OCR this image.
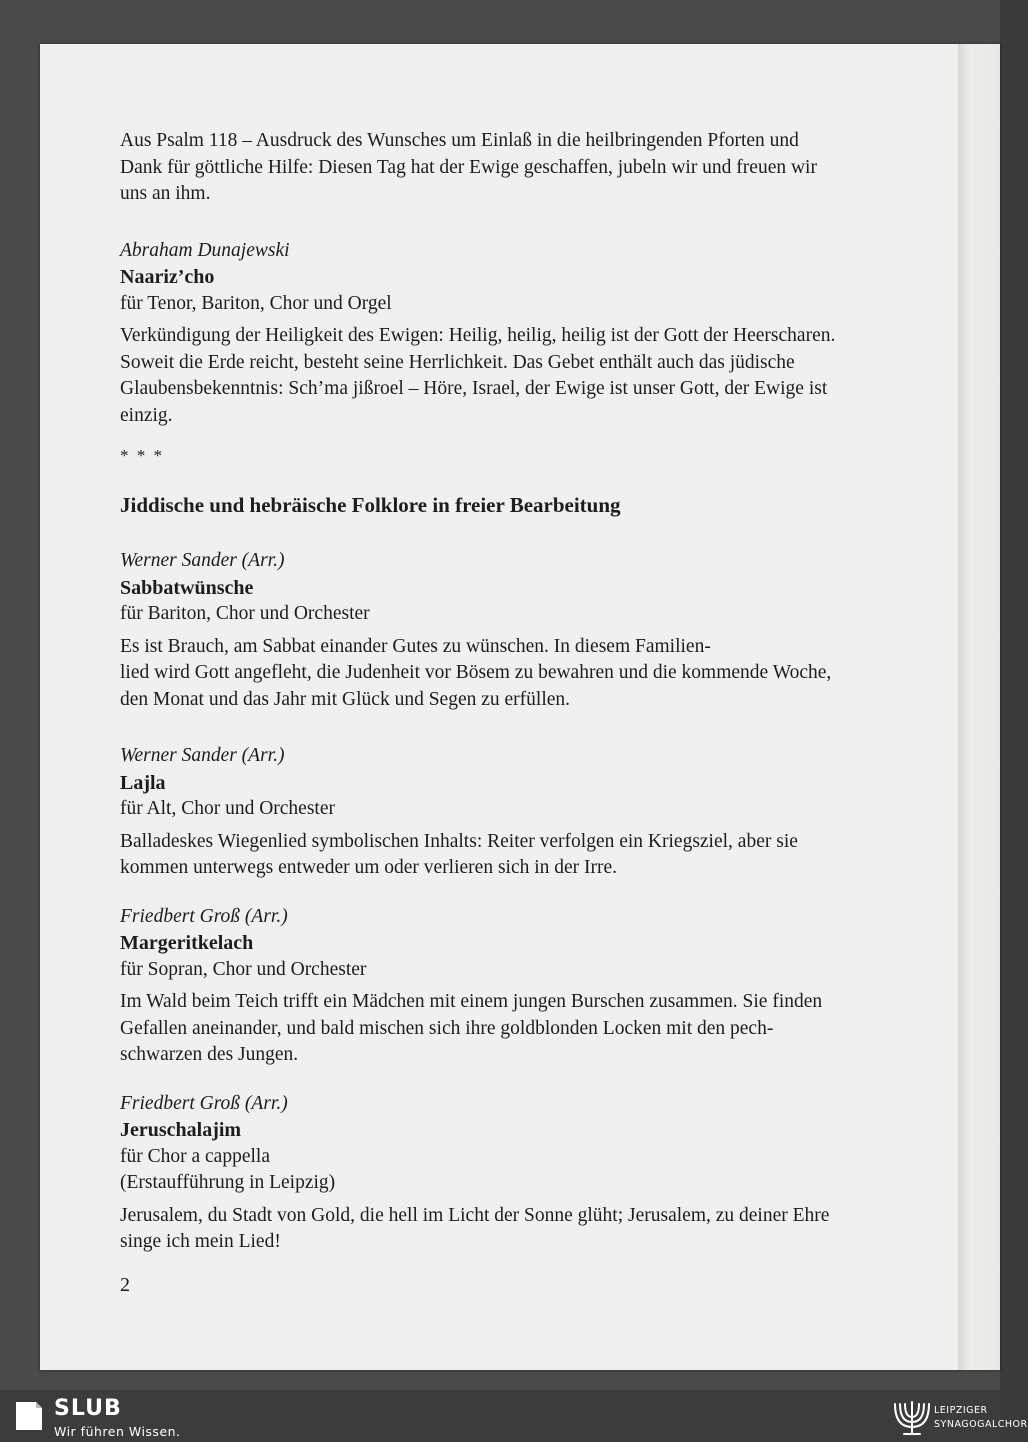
Aus Psalm 118 – Ausdruck des Wunsches um Einlaß in die heilbringenden Pforten und
Dank für göttliche Hilfe: Diesen Tag hat der Ewige geschaffen, jubeln wir und freuen wir
uns an ihm.
Abraham Dunajewski
Naariz’cho
für Tenor, Bariton, Chor und Orgel
Verkündigung der Heiligkeit des Ewigen: Heilig, heilig, heilig ist der Gott der Heerscharen.
Soweit die Erde reicht, besteht seine Herrlichkeit. Das Gebet enthält auch das jüdische
Glaubensbekenntnis: Sch’ma jißroel – Höre, Israel, der Ewige ist unser Gott, der Ewige ist
einzig.
* * *
Jiddische und hebräische Folklore in freier Bearbeitung
Werner Sander (Arr.)
Sabbatwünsche
für Bariton, Chor und Orchester
Es ist Brauch, am Sabbat einander Gutes zu wünschen. In diesem Familien-
lied wird Gott angefleht, die Judenheit vor Bösem zu bewahren und die kommende Woche,
den Monat und das Jahr mit Glück und Segen zu erfüllen.
Werner Sander (Arr.)
Lajla
für Alt, Chor und Orchester
Balladeskes Wiegenlied symbolischen Inhalts: Reiter verfolgen ein Kriegsziel, aber sie
kommen unterwegs entweder um oder verlieren sich in der Irre.
Friedbert Groß (Arr.)
Margeritkelach
für Sopran, Chor und Orchester
Im Wald beim Teich trifft ein Mädchen mit einem jungen Burschen zusammen. Sie finden
Gefallen aneinander, und bald mischen sich ihre goldblonden Locken mit den pech-
schwarzen des Jungen.
Friedbert Groß (Arr.)
Jeruschalajim
für Chor a cappella
(Erstaufführung in Leipzig)
Jerusalem, du Stadt von Gold, die hell im Licht der Sonne glüht; Jerusalem, zu deiner Ehre
singe ich mein Lied!
2
SLUB
Wir führen Wissen.
LEIPZIGER
SYNAGOGALCHOR
